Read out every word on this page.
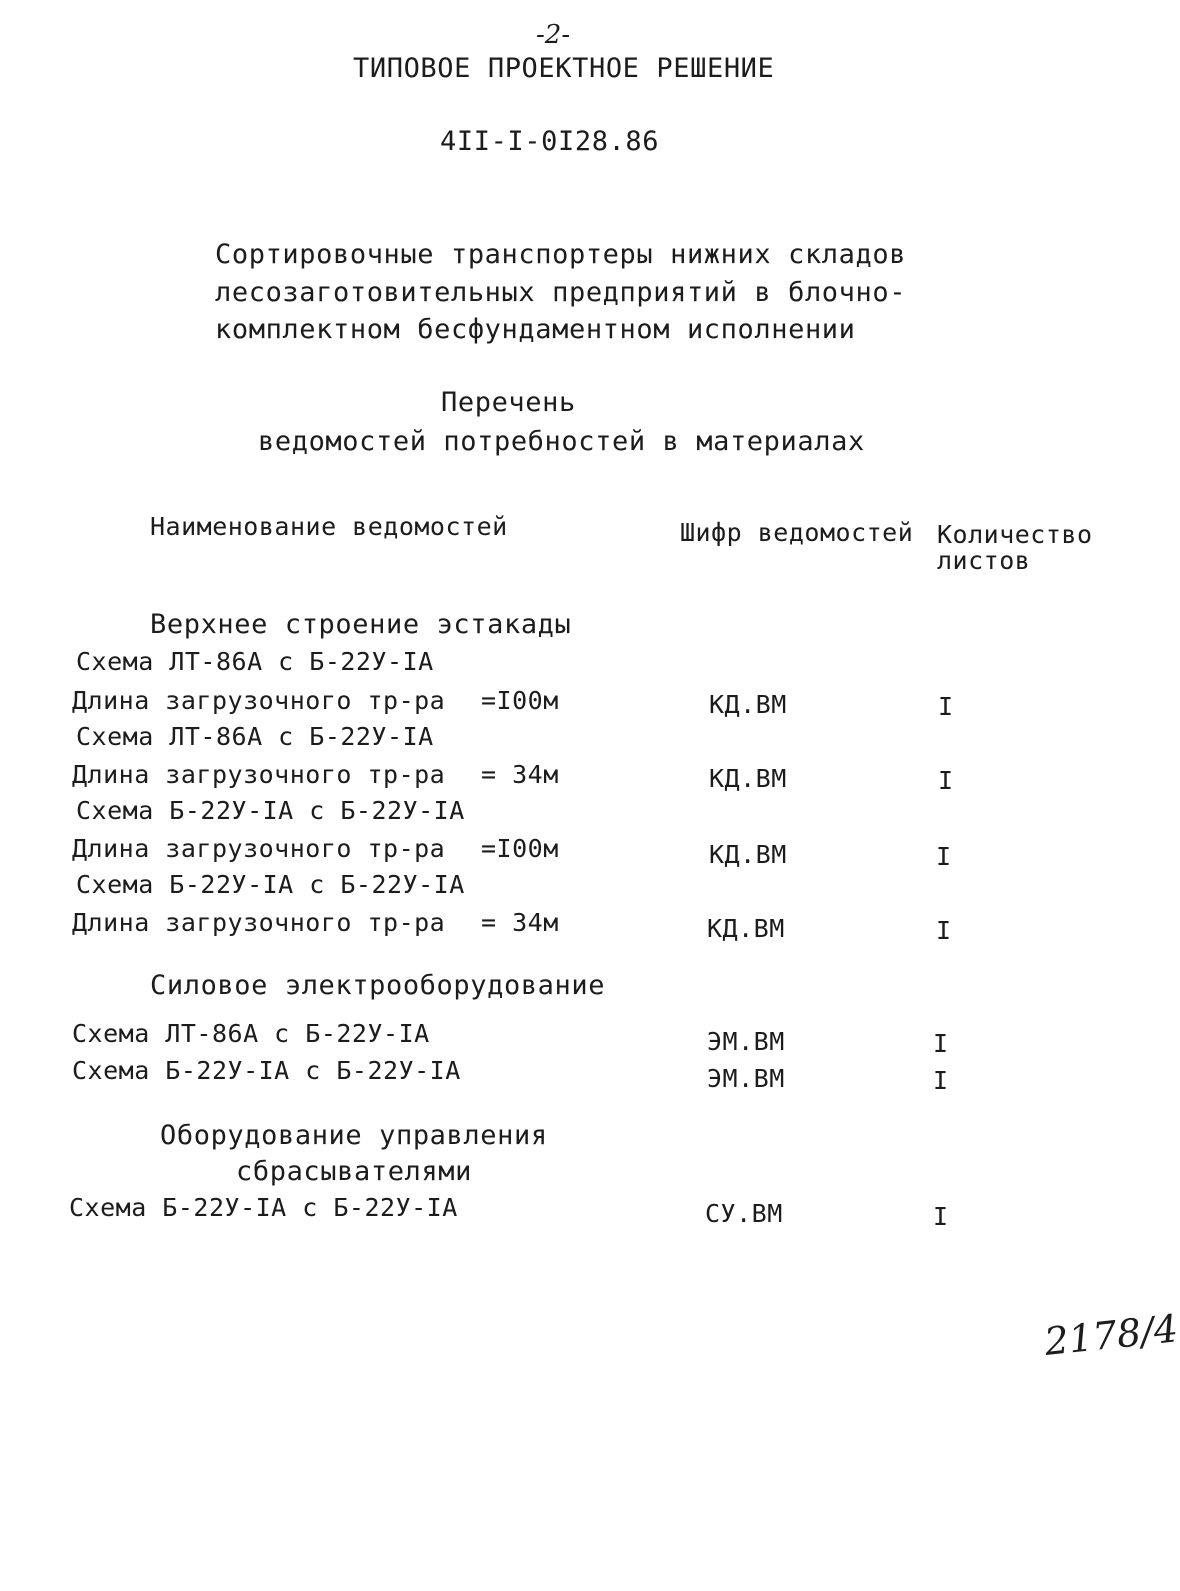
-2-
ТИПОВОЕ ПРОЕКТНОЕ РЕШЕНИЕ
4II-I-0I28.86
Сортировочные транспортеры нижних складов
лесозаготовительных предприятий в блочно-
комплектном бесфундаментном исполнении
Перечень
ведомостей потребностей в материалах
Наименование ведомостей	Шифр ведомостей Количество
листов
Верхнее строение эстакады
Схема ЛТ-86А с Б-22У-IА
Длина загрузочного тр-ра =I00м	КД.ВМ	I
Схема ЛТ-86А с Б-22У-IА
Длина загрузочного тр-ра = 34м	КД.ВМ	I
Схема Б-22У-IА с Б-22У-IА
Длина загрузочного тр-ра =I00м	КД.ВМ	I
Схема Б-22У-IА с Б-22У-IА
Длина загрузочного тр-ра = 34м	КД.ВМ	I
Силовое электрооборудование
Схема ЛТ-86А с Б-22У-IА	ЭМ.ВМ	I
Схема Б-22У-IА с Б-22У-IА	ЭМ.ВМ	I
Оборудование управления
сбрасывателями
Схема Б-22У-IА с Б-22У-IА	СУ.ВМ	I
2178/4
